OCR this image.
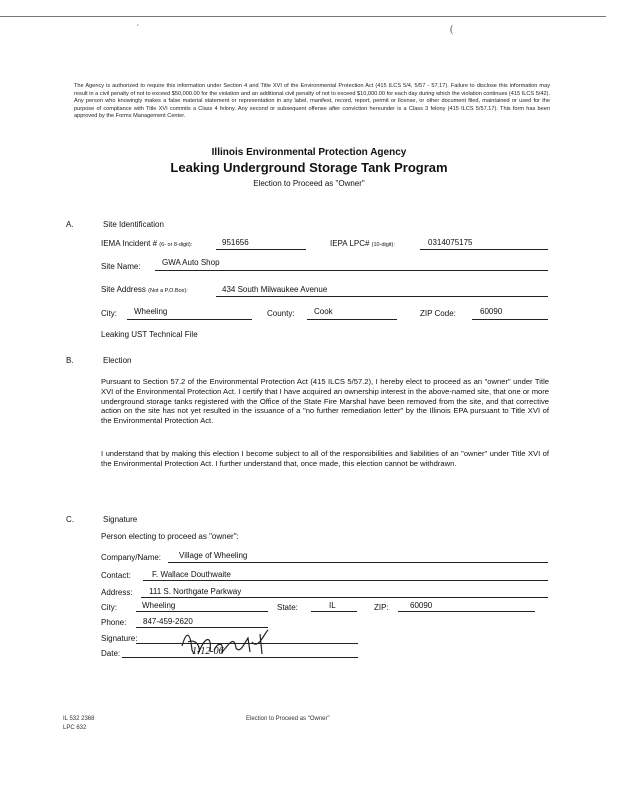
´	(
The Agency is authorized to require this information under Section 4 and Title XVI of the Environmental Protection Act (415 ILCS 5/4, 5/57 - 57.17). Failure to disclose this information may result in a civil penalty of not to exceed $50,000.00 for the violation and an additional civil penalty of not to exceed $10,000.00 for each day during which the violation continues (415 ILCS 5/42). Any person who knowingly makes a false material statement or representation in any label, manifest, record, report, permit or license, or other document filed, maintained or used for the purpose of compliance with Title XVI commits a Class 4 felony. Any second or subsequent offense after conviction hereunder is a Class 3 felony (415 ILCS 5/57.17). This form has been approved by the Forms Management Center.
Illinois Environmental Protection Agency
Leaking Underground Storage Tank Program
Election to Proceed as "Owner"
A.	Site Identification
IEMA Incident # (6- or 8-digit):	951656	IEPA LPC# (10-digit):	0314075175
Site Name:	GWA Auto Shop
Site Address (Not a P.O.Box):	434 South Milwaukee Avenue
City: Wheeling	County: Cook	ZIP Code:	60090
Leaking UST Technical File
B.	Election
Pursuant to Section 57.2 of the Environmental Protection Act (415 ILCS 5/57.2), I hereby elect to proceed as an "owner" under Title XVI of the Environmental Protection Act. I certify that I have acquired an ownership interest in the above-named site, that one or more underground storage tanks registered with the Office of the State Fire Marshal have been removed from the site, and that corrective action on the site has not yet resulted in the issuance of a "no further remediation letter" by the Illinois EPA pursuant to Title XVI of the Environmental Protection Act.
I understand that by making this election I become subject to all of the responsibilities and liabilities of an "owner" under Title XVI of the Environmental Protection Act. I further understand that, once made, this election cannot be withdrawn.
C.	Signature
Person electing to proceed as "owner":
Company/Name: Village of Wheeling
Contact:	F. Wallace Douthwaite
Address: 111 S. Northgate Parkway
City:	Wheeling	State:	IL	ZIP:	60090
Phone: 847-459-2620
Signature:
Date:	1-12-06
IL 532 2368
LPC 632
Election to Proceed as "Owner"
